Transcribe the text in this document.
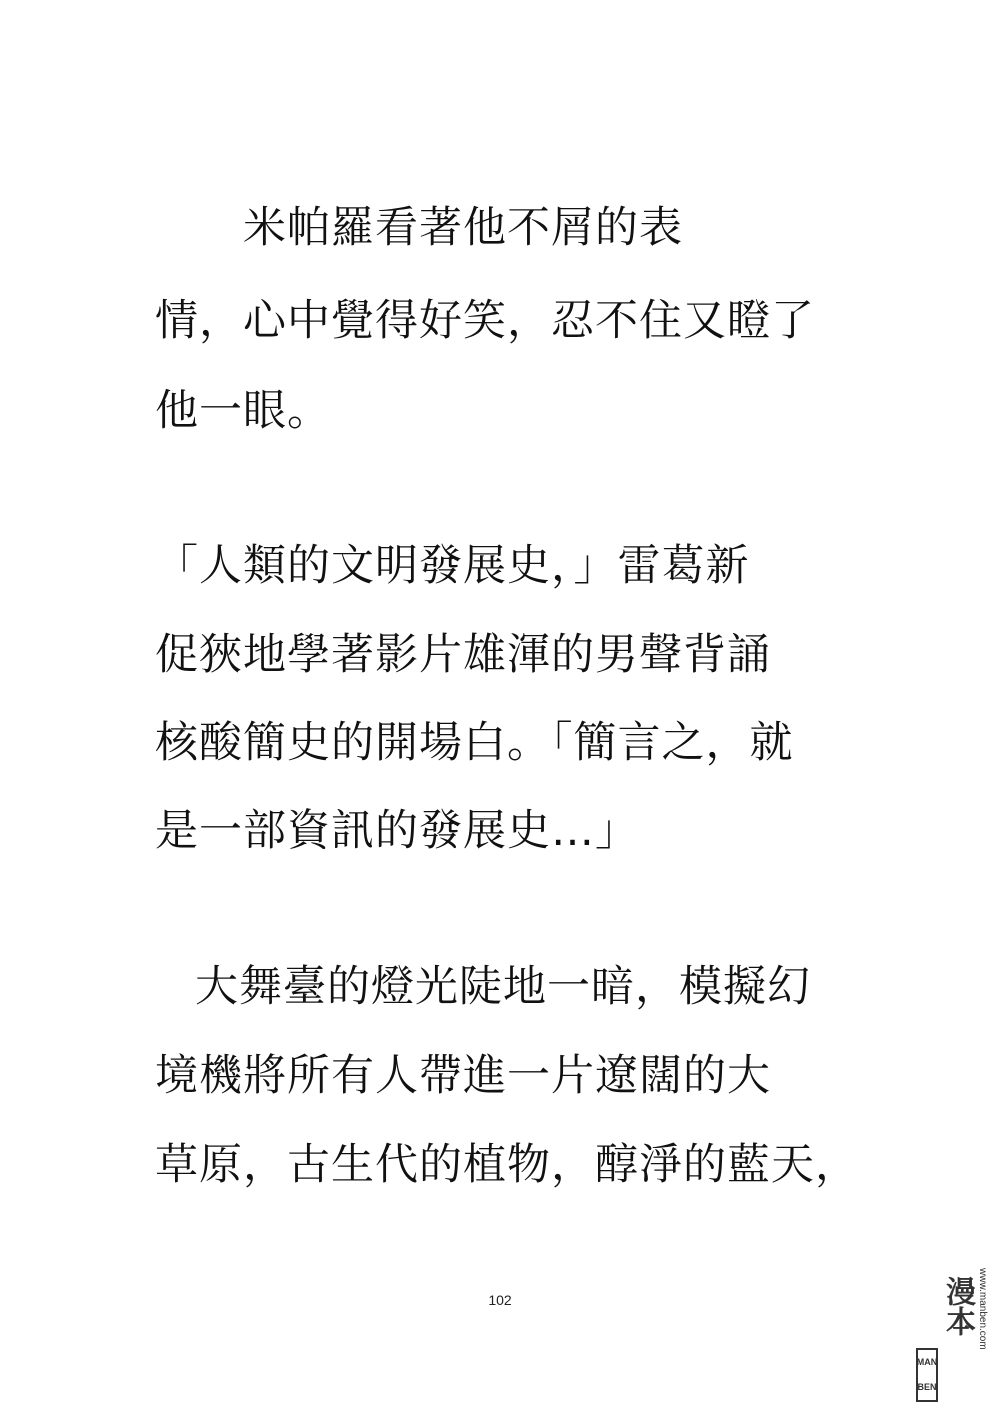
　　米帕羅看著他不屑的表
情，心中覺得好笑，忍不住又瞪了
他一眼。
「人類的文明發展史，」雷葛新
促狹地學著影片雄渾的男聲背誦
核酸簡史的開場白。「簡言之，就
是一部資訊的發展史…」
大舞臺的燈光陡地一暗，模擬幻
境機將所有人帶進一片遼闊的大
草原，古生代的植物，醇淨的藍天，
102
MAN
BEN
漫本 www.manben.com
